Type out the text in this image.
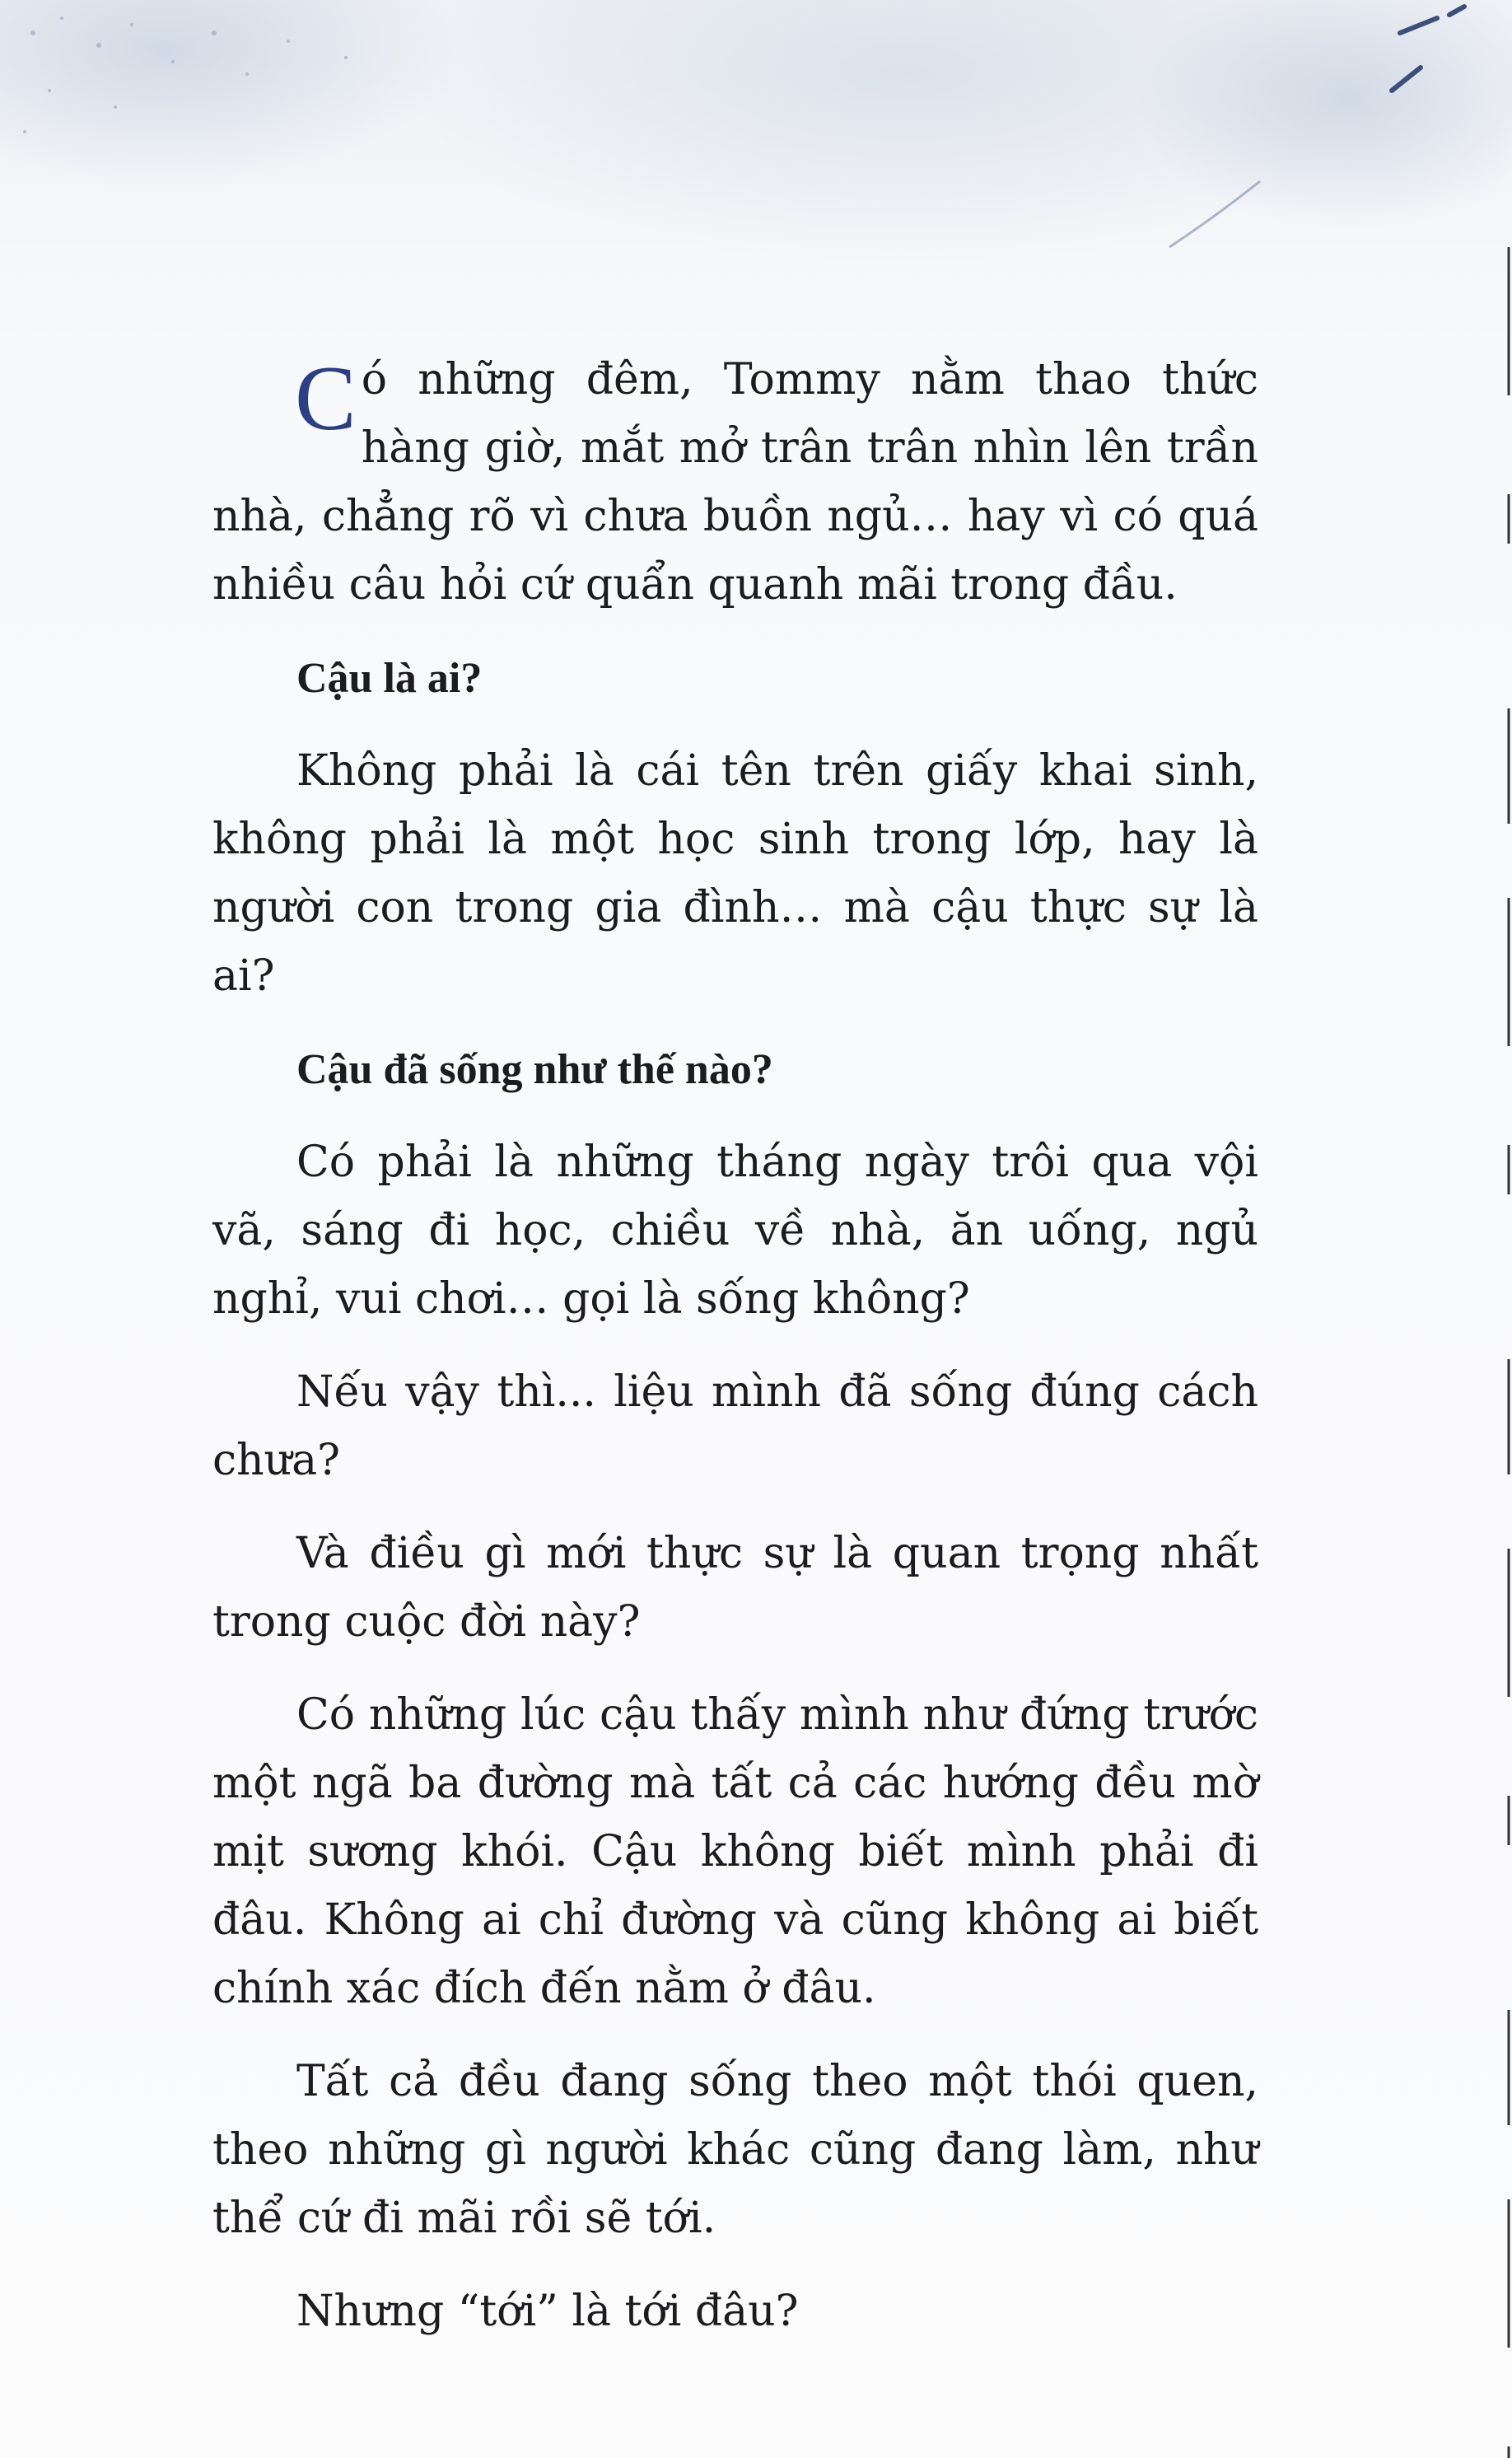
Có những đêm, Tommy nằm thao thức hàng giờ, mắt mở trân trân nhìn lên trần nhà, chẳng rõ vì chưa buồn ngủ… hay vì có quá nhiều câu hỏi cứ quẩn quanh mãi trong đầu.

Cậu là ai?

Không phải là cái tên trên giấy khai sinh, không phải là một học sinh trong lớp, hay là người con trong gia đình… mà cậu thực sự là ai?

Cậu đã sống như thế nào?

Có phải là những tháng ngày trôi qua vội vã, sáng đi học, chiều về nhà, ăn uống, ngủ nghỉ, vui chơi… gọi là sống không?

Nếu vậy thì... liệu mình đã sống đúng cách chưa?

Và điều gì mới thực sự là quan trọng nhất trong cuộc đời này?

Có những lúc cậu thấy mình như đứng trước một ngã ba đường mà tất cả các hướng đều mờ mịt sương khói. Cậu không biết mình phải đi đâu. Không ai chỉ đường và cũng không ai biết chính xác đích đến nằm ở đâu.

Tất cả đều đang sống theo một thói quen, theo những gì người khác cũng đang làm, như thể cứ đi mãi rồi sẽ tới.

Nhưng “tới” là tới đâu?
